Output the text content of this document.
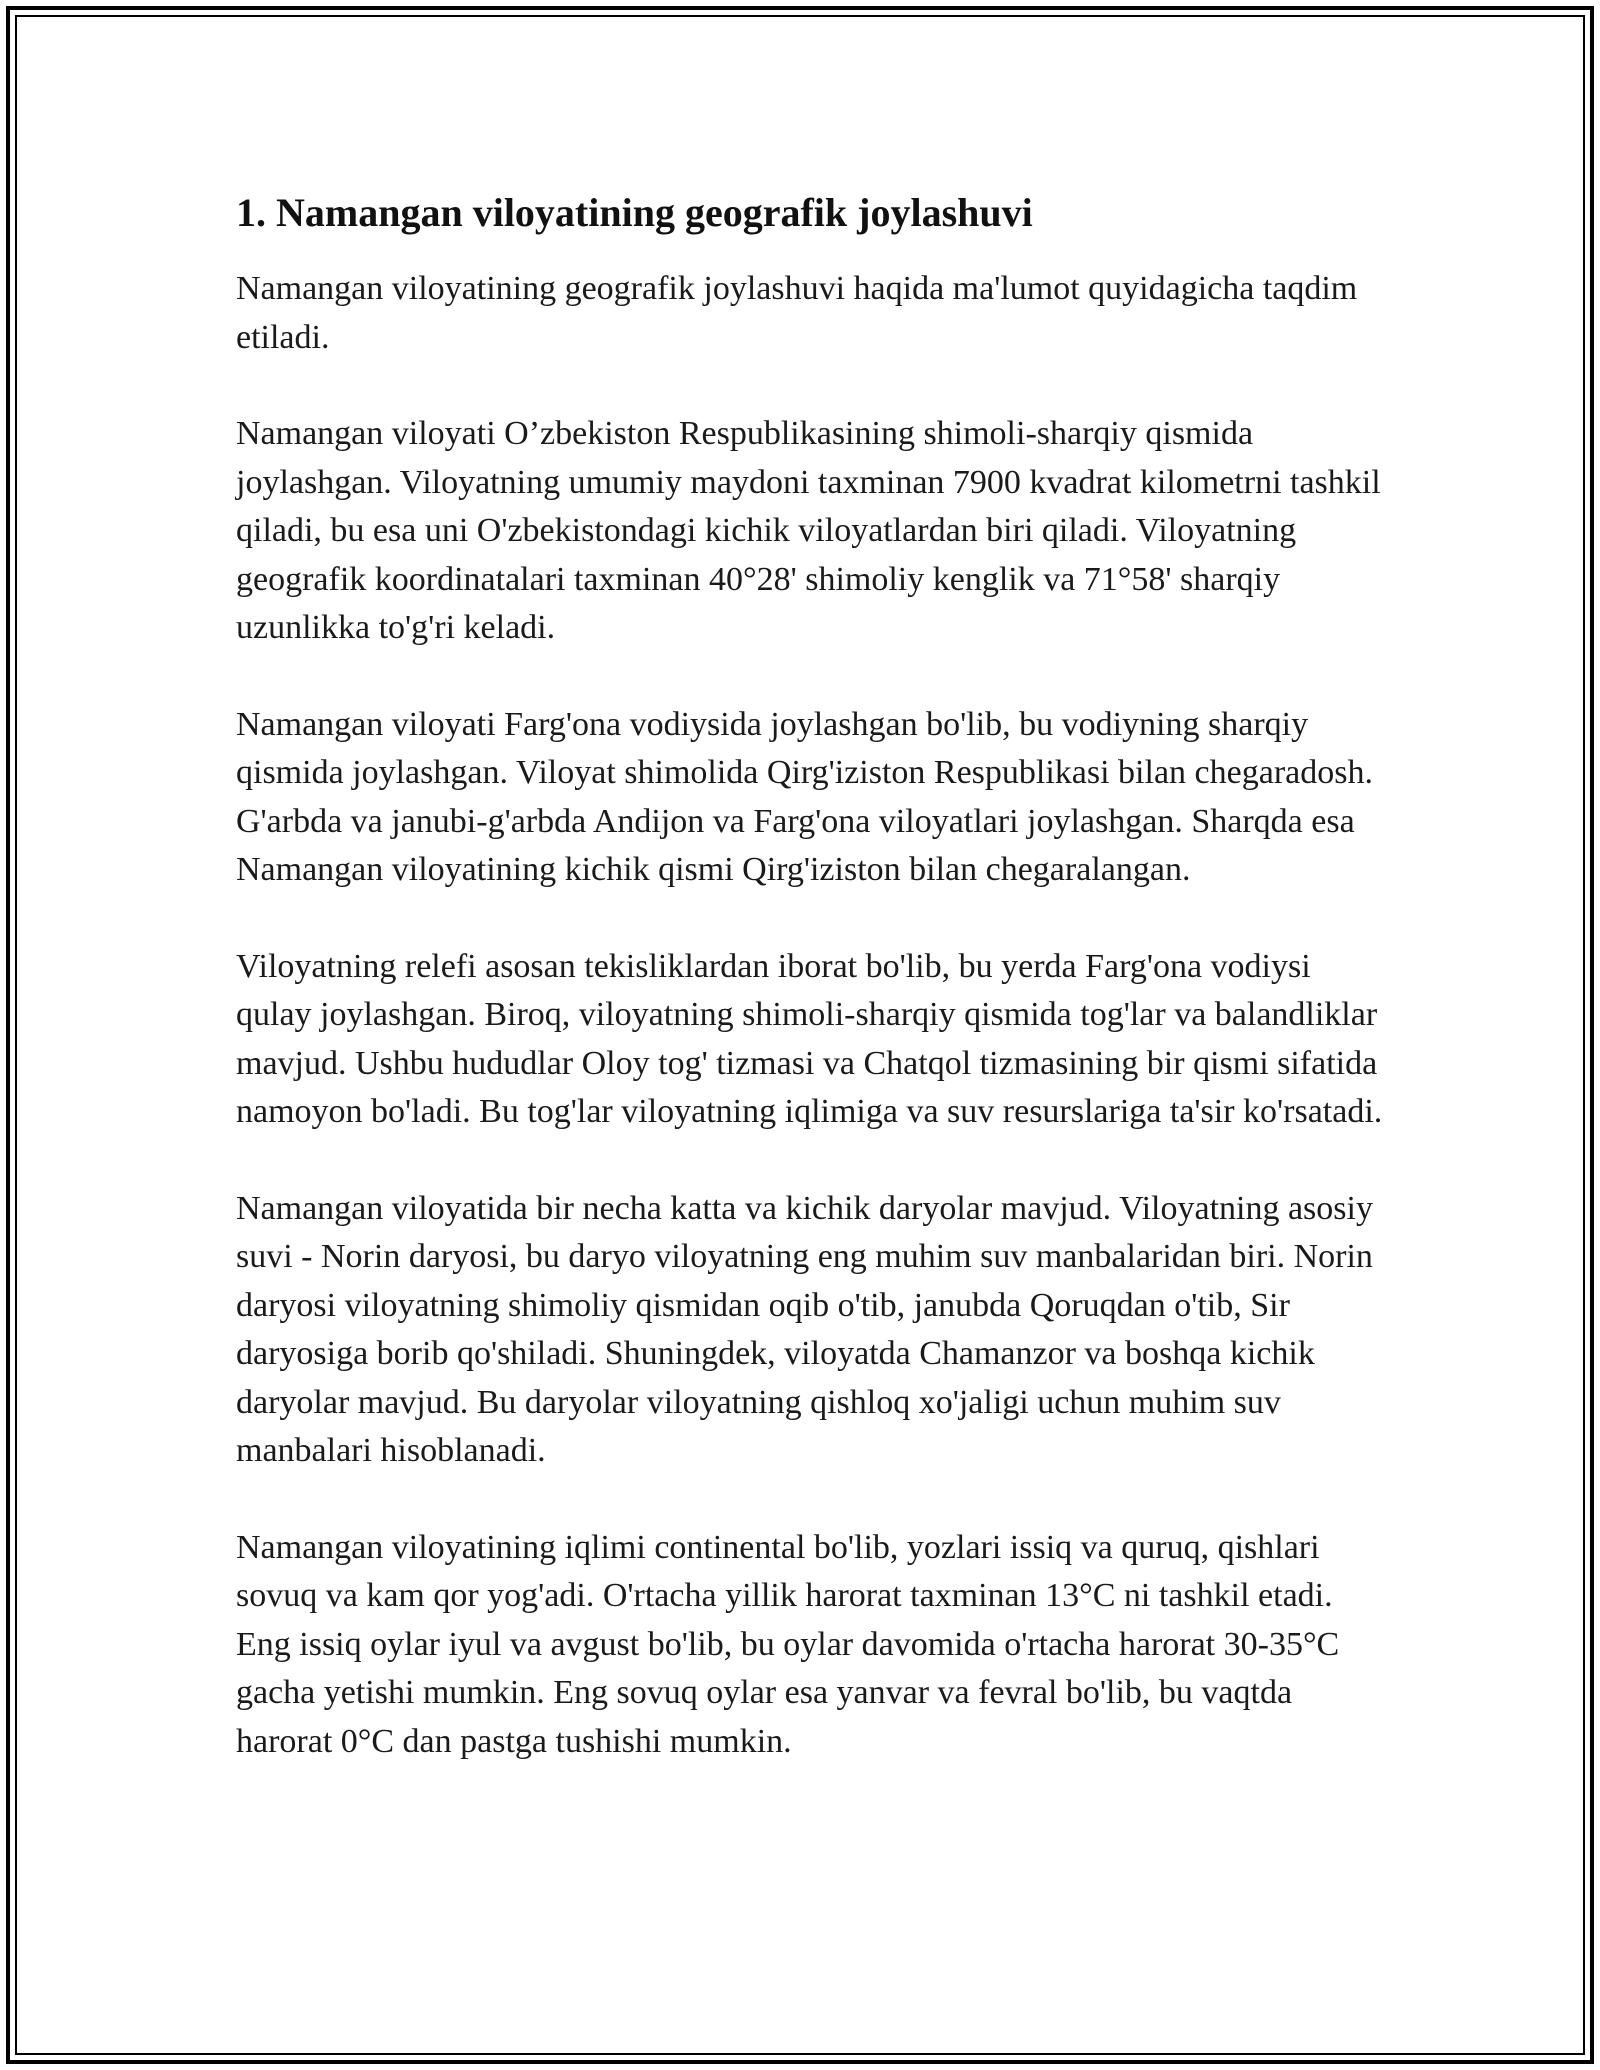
1. Namangan viloyatining geografik joylashuvi

Namangan viloyatining geografik joylashuvi haqida ma'lumot quyidagicha taqdim etiladi.

Namangan viloyati O’zbekiston Respublikasining shimoli-sharqiy qismida joylashgan. Viloyatning umumiy maydoni taxminan 7900 kvadrat kilometrni tashkil qiladi, bu esa uni O'zbekistondagi kichik viloyatlardan biri qiladi. Viloyatning geografik koordinatalari taxminan 40°28' shimoliy kenglik va 71°58' sharqiy uzunlikka to'g'ri keladi.

Namangan viloyati Farg'ona vodiysida joylashgan bo'lib, bu vodiyning sharqiy qismida joylashgan. Viloyat shimolida Qirg'iziston Respublikasi bilan chegaradosh. G'arbda va janubi-g'arbda Andijon va Farg'ona viloyatlari joylashgan. Sharqda esa Namangan viloyatining kichik qismi Qirg'iziston bilan chegaralangan.

Viloyatning relefi asosan tekisliklardan iborat bo'lib, bu yerda Farg'ona vodiysi qulay joylashgan. Biroq, viloyatning shimoli-sharqiy qismida tog'lar va balandliklar mavjud. Ushbu hududlar Oloy tog' tizmasi va Chatqol tizmasining bir qismi sifatida namoyon bo'ladi. Bu tog'lar viloyatning iqlimiga va suv resurslariga ta'sir ko'rsatadi.

Namangan viloyatida bir necha katta va kichik daryolar mavjud. Viloyatning asosiy suvi - Norin daryosi, bu daryo viloyatning eng muhim suv manbalaridan biri. Norin daryosi viloyatning shimoliy qismidan oqib o'tib, janubda Qoruqdan o'tib, Sir daryosiga borib qo'shiladi. Shuningdek, viloyatda Chamanzor va boshqa kichik daryolar mavjud. Bu daryolar viloyatning qishloq xo'jaligi uchun muhim suv manbalari hisoblanadi.

Namangan viloyatining iqlimi continental bo'lib, yozlari issiq va quruq, qishlari sovuq va kam qor yog'adi. O'rtacha yillik harorat taxminan 13°C ni tashkil etadi. Eng issiq oylar iyul va avgust bo'lib, bu oylar davomida o'rtacha harorat 30-35°C gacha yetishi mumkin. Eng sovuq oylar esa yanvar va fevral bo'lib, bu vaqtda harorat 0°C dan pastga tushishi mumkin.
